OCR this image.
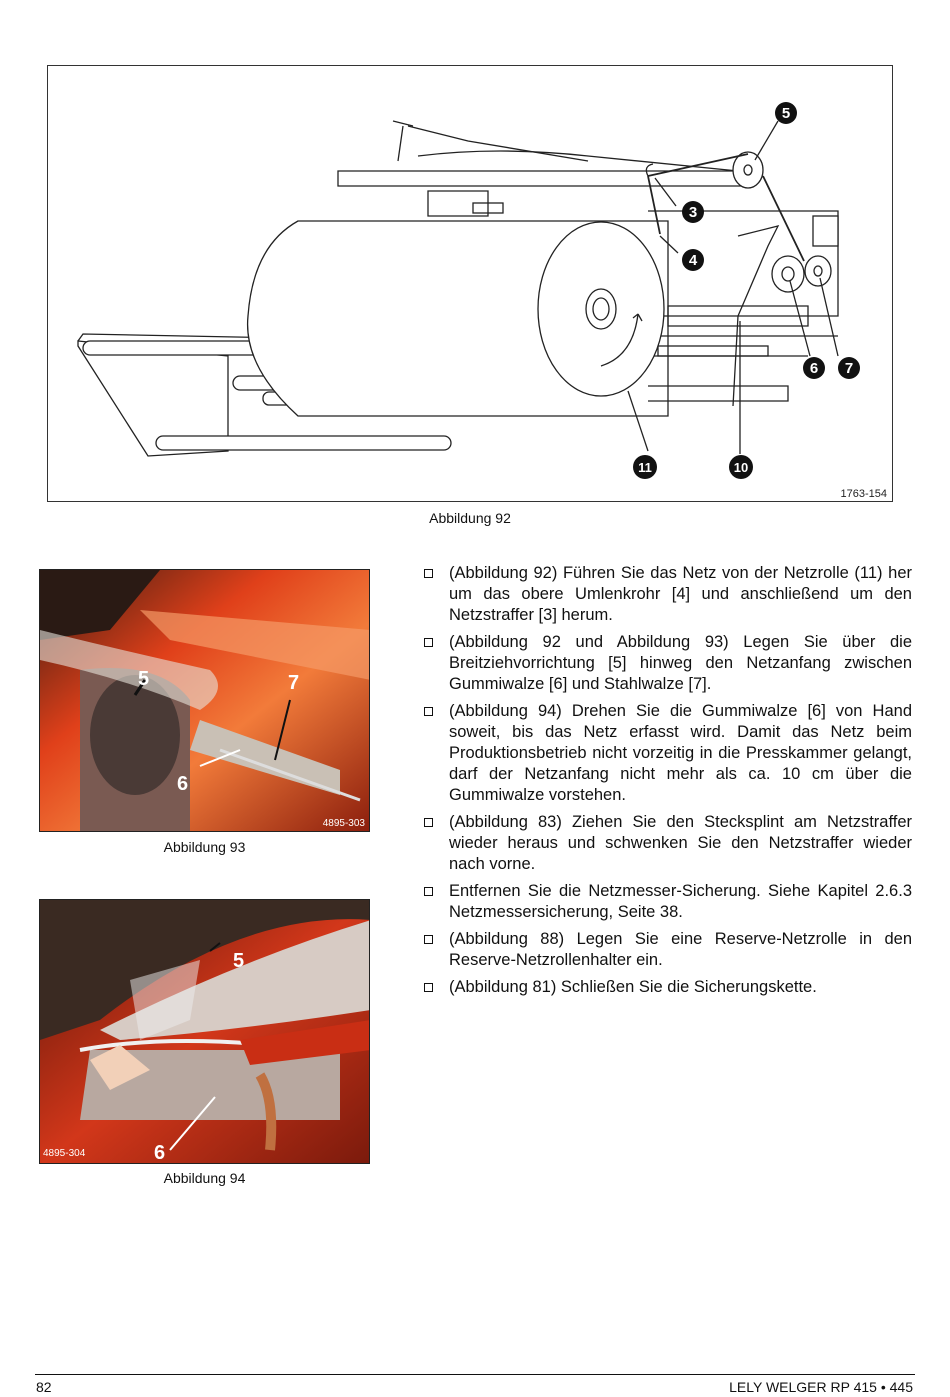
5
3
4
6 7
11	10
1763-154
Abbildung 92
5	7
6
4895-303
Abbildung 93
5
6
4895-304
Abbildung 94
(Abbildung 92) Führen Sie das Netz von der Netzrolle (11) her um das obere Umlenkrohr [4] und anschließend um den Netzstraffer [3] herum.
(Abbildung 92 und Abbildung 93) Legen Sie über die Breitziehvorrichtung [5] hinweg den Netzanfang zwischen Gummiwalze [6] und Stahlwalze [7].
(Abbildung 94) Drehen Sie die Gummiwalze [6] von Hand soweit, bis das Netz erfasst wird. Damit das Netz beim Produktionsbetrieb nicht vorzeitig in die Presskammer gelangt, darf der Netzanfang nicht mehr als ca. 10 cm über die Gummiwalze vorstehen.
(Abbildung 83) Ziehen Sie den Stecksplint am Netzstraffer wieder heraus und schwenken Sie den Netzstraffer wieder nach vorne.
Entfernen Sie die Netzmesser-Sicherung. Siehe Kapitel 2.6.3 Netzmessersicherung, Seite 38.
(Abbildung 88) Legen Sie eine Reserve-Netzrolle in den Reserve-Netzrollenhalter ein.
(Abbildung 81) Schließen Sie die Sicherungskette.
82	LELY WELGER RP 415 • 445
